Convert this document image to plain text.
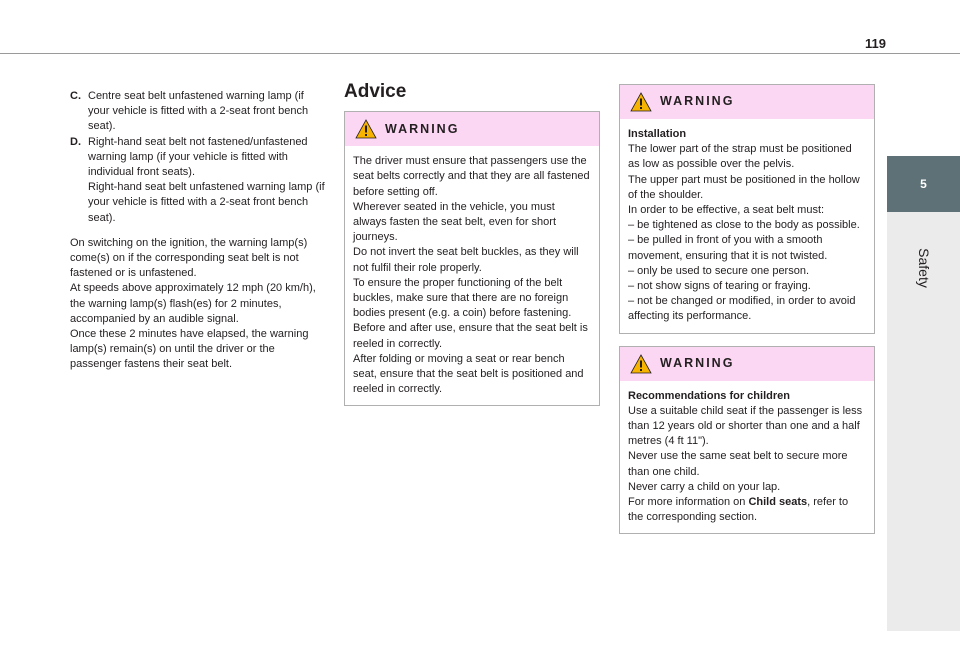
119
5
Safety
C. Centre seat belt unfastened warning lamp (if your vehicle is fitted with a 2-seat front bench seat).
D. Right-hand seat belt not fastened/unfastened warning lamp (if your vehicle is fitted with individual front seats).
Right-hand seat belt unfastened warning lamp (if your vehicle is fitted with a 2-seat front bench seat).
On switching on the ignition, the warning lamp(s) come(s) on if the corresponding seat belt is not fastened or is unfastened.
At speeds above approximately 12 mph (20 km/h), the warning lamp(s) flash(es) for 2 minutes, accompanied by an audible signal.
Once these 2 minutes have elapsed, the warning lamp(s) remain(s) on until the driver or the passenger fastens their seat belt.
Advice
WARNING
The driver must ensure that passengers use the seat belts correctly and that they are all fastened before setting off.
Wherever seated in the vehicle, you must always fasten the seat belt, even for short journeys.
Do not invert the seat belt buckles, as they will not fulfil their role properly.
To ensure the proper functioning of the belt buckles, make sure that there are no foreign bodies present (e.g. a coin) before fastening.
Before and after use, ensure that the seat belt is reeled in correctly.
After folding or moving a seat or rear bench seat, ensure that the seat belt is positioned and reeled in correctly.
WARNING
Installation
The lower part of the strap must be positioned as low as possible over the pelvis.
The upper part must be positioned in the hollow of the shoulder.
In order to be effective, a seat belt must:
– be tightened as close to the body as possible.
– be pulled in front of you with a smooth movement, ensuring that it is not twisted.
– only be used to secure one person.
– not show signs of tearing or fraying.
– not be changed or modified, in order to avoid affecting its performance.
WARNING
Recommendations for children
Use a suitable child seat if the passenger is less than 12 years old or shorter than one and a half metres (4 ft 11").
Never use the same seat belt to secure more than one child.
Never carry a child on your lap.
For more information on Child seats, refer to the corresponding section.
